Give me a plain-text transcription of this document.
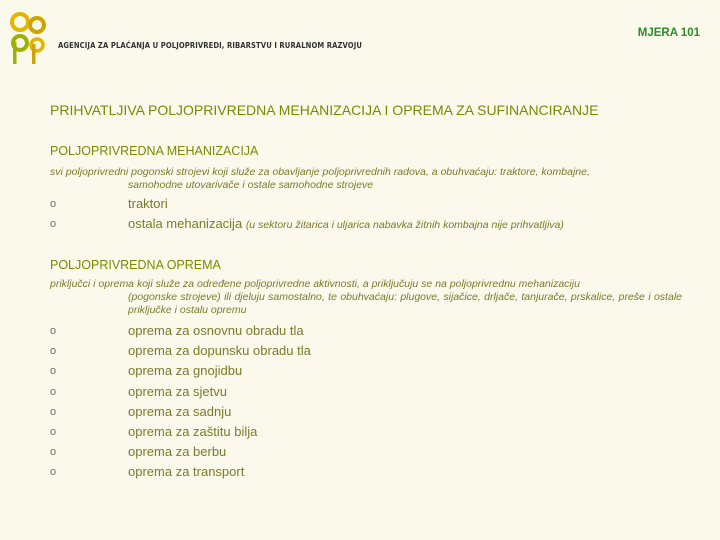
AGENCIJA ZA PLAĆANJA U POLJOPRIVREDI, RIBARSTVU I RURALNOM RAZVOJU
MJERA 101
PRIHVATLJIVA POLJOPRIVREDNA MEHANIZACIJA I OPREMA ZA SUFINANCIRANJE
POLJOPRIVREDNA MEHANIZACIJA
svi poljoprivredni pogonski strojevi koji služe za obavljanje poljoprivrednih radova, a obuhvaćaju: traktore, kombajne,
samohodne utovarivače i ostale samohodne strojeve
o	traktori
o	ostala mehanizacija (u sektoru žitarica i uljarica nabavka žitnih kombajna nije prihvatljiva)
POLJOPRIVREDNA OPREMA
priključci i oprema koji služe za određene poljoprivredne aktivnosti, a priključuju se na poljoprivrednu mehanizaciju
(pogonske strojeve) ili djeluju samostalno, te obuhvaćaju: plugove, sijačice, drljače, tanjurače, prskalice, preše i ostale priključke i ostalu opremu
o	oprema za osnovnu obradu tla
o	oprema za dopunsku obradu tla
o	oprema za gnojidbu
o	oprema za sjetvu
o	oprema za sadnju
o	oprema za zaštitu bilja
o	oprema za berbu
o	oprema za transport
